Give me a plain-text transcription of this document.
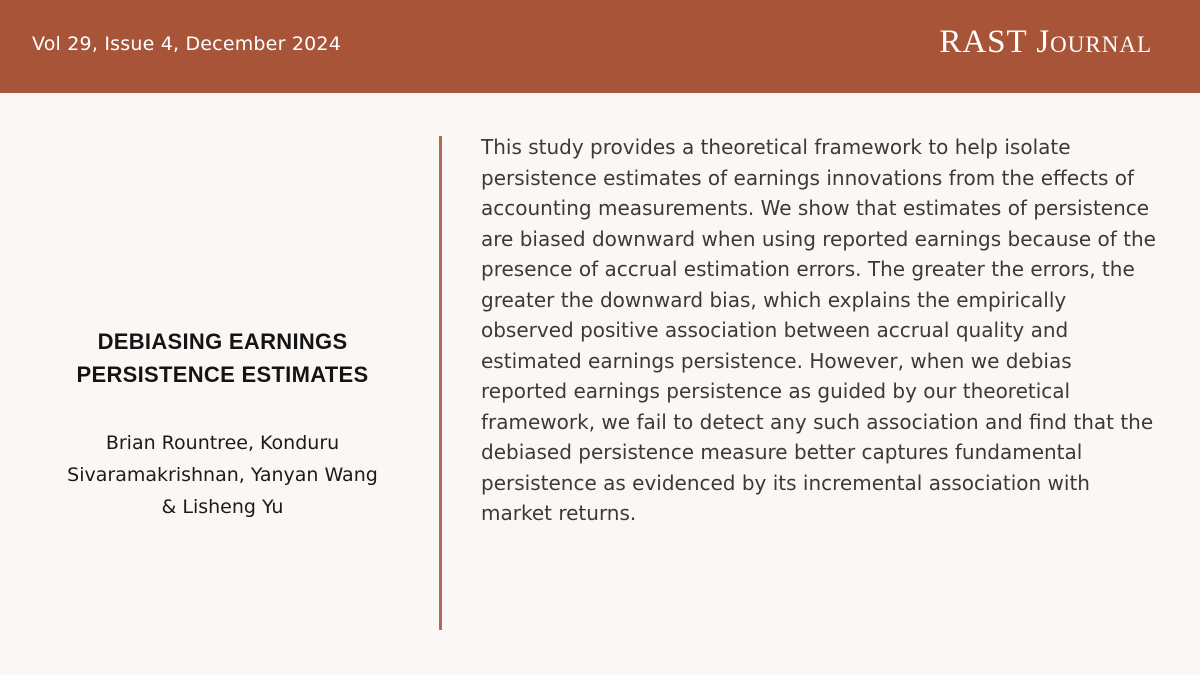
Vol 29, Issue 4, December 2024	RAST Journal
DEBIASING EARNINGS
PERSISTENCE ESTIMATES
Brian Rountree, Konduru Sivaramakrishnan, Yanyan Wang & Lisheng Yu

This study provides a theoretical framework to help isolate persistence estimates of earnings innovations from the effects of accounting measurements. We show that estimates of persistence are biased downward when using reported earnings because of the presence of accrual estimation errors. The greater the errors, the greater the downward bias, which explains the empirically observed positive association between accrual quality and estimated earnings persistence. However, when we debias reported earnings persistence as guided by our theoretical framework, we fail to detect any such association and find that the debiased persistence measure better captures fundamental persistence as evidenced by its incremental association with market returns.
